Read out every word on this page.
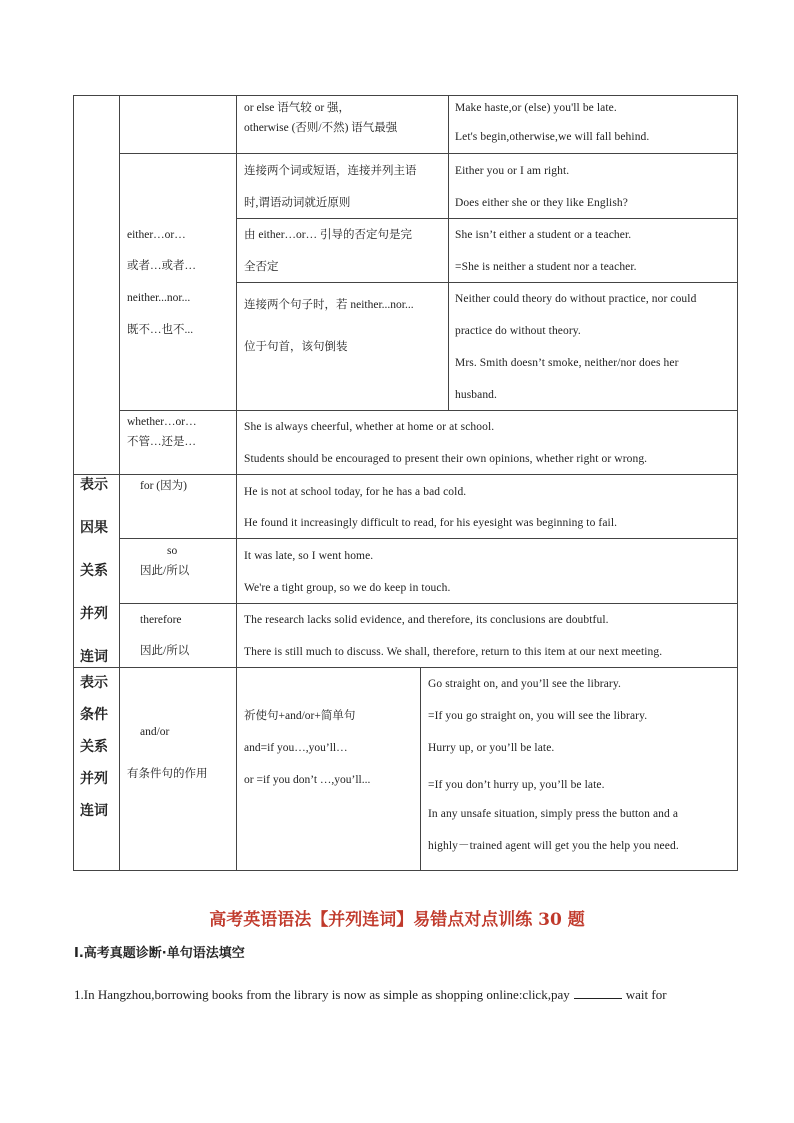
or else 语气较 or 强，
otherwise (否则/不然) 语气最强
Make haste,or (else) you'll be late.
Let's begin,otherwise,we will fall behind.
either…or…
或者…或者…
neither...nor...
既不…也不...
连接两个词或短语，连接并列主语
时,谓语动词就近原则
Either you or I am right.
Does either she or they like English?
由 either…or… 引导的否定句是完
全否定
She isn’t either a student or a teacher.
=She is neither a student nor a teacher.
连接两个句子时，若 neither...nor...
位于句首，该句倒装
Neither could theory do without practice, nor could
practice do without theory.
Mrs. Smith doesn’t smoke, neither/nor does her
husband.
whether…or…
不管…还是…
She is always cheerful, whether at home or at school.
Students should be encouraged to present their own opinions, whether right or wrong.
表示
因果
关系
并列
连词
for (因为)	He is not at school today, for he has a bad cold.
He found it increasingly difficult to read, for his eyesight was beginning to fail.
so
因此/所以
It was late, so I went home.
We're a tight group, so we do keep in touch.
therefore
因此/所以
The research lacks solid evidence, and therefore, its conclusions are doubtful.
There is still much to discuss. We shall, therefore, return to this item at our next meeting.
表示
条件
关系
并列
连词
and/or
有条件句的作用
祈使句+and/or+简单句
and=if you…,you’ll…
or =if you don’t …,you’ll...
Go straight on, and you’ll see the library.
=If you go straight on, you will see the library.
Hurry up, or you’ll be late.
=If you don’t hurry up, you’ll be late.
In any unsafe situation, simply press the button and a
highly－trained agent will get you the help you need.
高考英语语法【并列连词】易错点对点训练 30 题
I.高考真题诊断·单句语法填空
1.In Hangzhou,borrowing books from the library is now as simple as shopping online:click,pay	wait for
